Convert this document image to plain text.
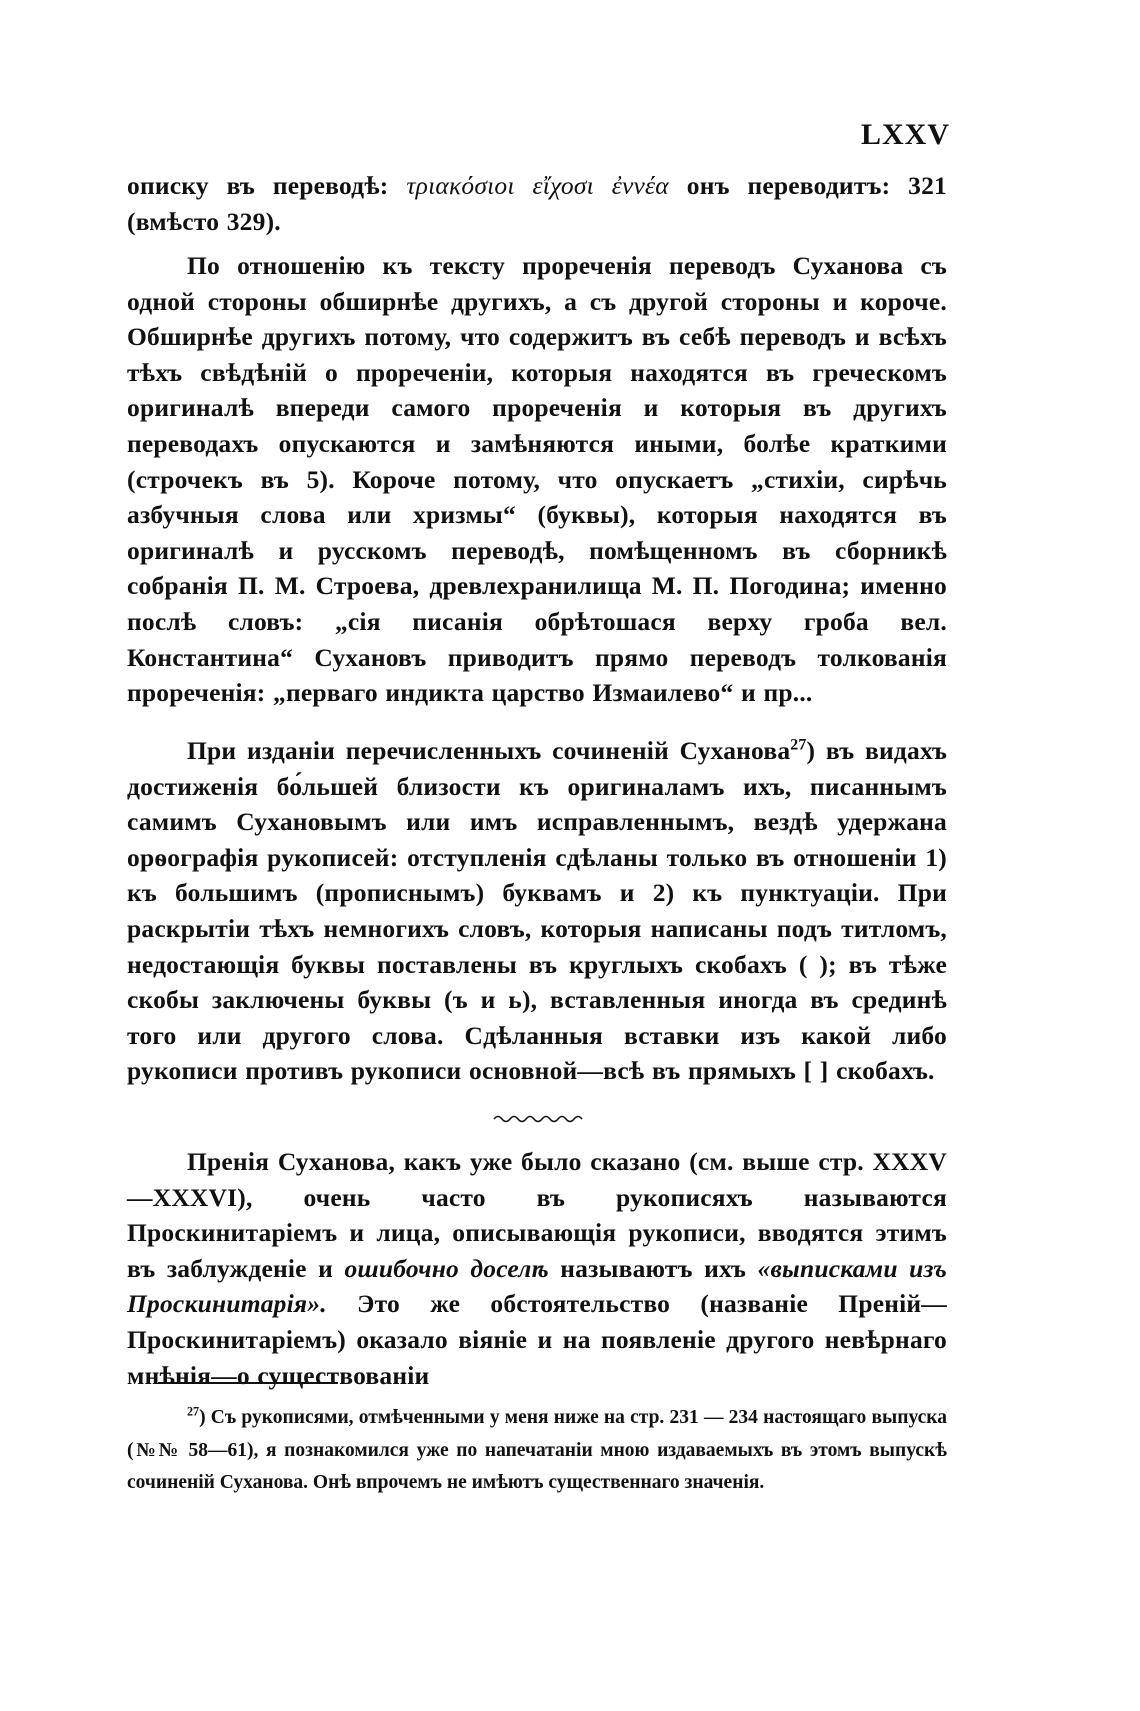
LXXV

описку въ переводѣ: τριακόσιοι εἴχοσι ἐννέα онъ переводитъ: 321 (вмѣсто 329).

По отношенію къ тексту прореченія переводъ Суханова съ одной стороны обширнѣе другихъ, а съ другой стороны и короче. Обширнѣе другихъ потому, что содержитъ въ себѣ переводъ и всѣхъ тѣхъ свѣдѣній о прореченіи, которыя находятся въ греческомъ оригиналѣ впереди самого прореченія и которыя въ другихъ переводахъ опускаются и замѣняются иными, болѣе краткими (строчекъ въ 5). Короче потому, что опускаетъ „стихіи, сирѣчь азбучныя слова или хризмы“ (буквы), которыя находятся въ оригиналѣ и русскомъ переводѣ, помѣщенномъ въ сборникѣ собранія П. М. Строева, древлехранилища М. П. Погодина; именно послѣ словъ: „сія писанія обрѣтошася верху гроба вел. Константина“ Сухановъ приводитъ прямо переводъ толкованія прореченія: „перваго индикта царство Измаилево“ и пр...

При изданіи перечисленныхъ сочиненій Суханова$^{27}$) въ видахъ достиженія бо́льшей близости къ оригиналамъ ихъ, писаннымъ самимъ Сухановымъ или имъ исправленнымъ, вездѣ удержана орѳографія рукописей: отступленія сдѣланы только въ отношеніи 1) къ большимъ (прописнымъ) буквамъ и 2) къ пунктуаціи. При раскрытіи тѣхъ немногихъ словъ, которыя написаны подъ титломъ, недостающія буквы поставлены въ круглыхъ скобахъ ( ); въ тѣже скобы заключены буквы (ъ и ь), вставленныя иногда въ срединѣ того или другого слова. Сдѣланныя вставки изъ какой либо рукописи противъ рукописи основной—всѣ въ прямыхъ [ ] скобахъ.

Пренія Суханова, какъ уже было сказано (см. выше стр. XXXV—XXXVI), очень часто въ рукописяхъ называются Проскинитаріемъ и лица, описывающія рукописи, вводятся этимъ въ заблужденіе и ошибочно доселѣ называютъ ихъ «выписками изъ Проскинитарія». Это же обстоятельство (названіе Преній—Проскинитаріемъ) оказало віяніе и на появленіе другого невѣрнаго мнѣнія—о существованіи

$^{27}$) Съ рукописями, отмѣченными у меня ниже на стр. 231 — 234 настоящаго выпуска (№№ 58—61), я познакомился уже по напечатаніи мною издаваемыхъ въ этомъ выпускѣ сочиненій Суханова. Онѣ впрочемъ не имѣютъ существеннаго значенія.
